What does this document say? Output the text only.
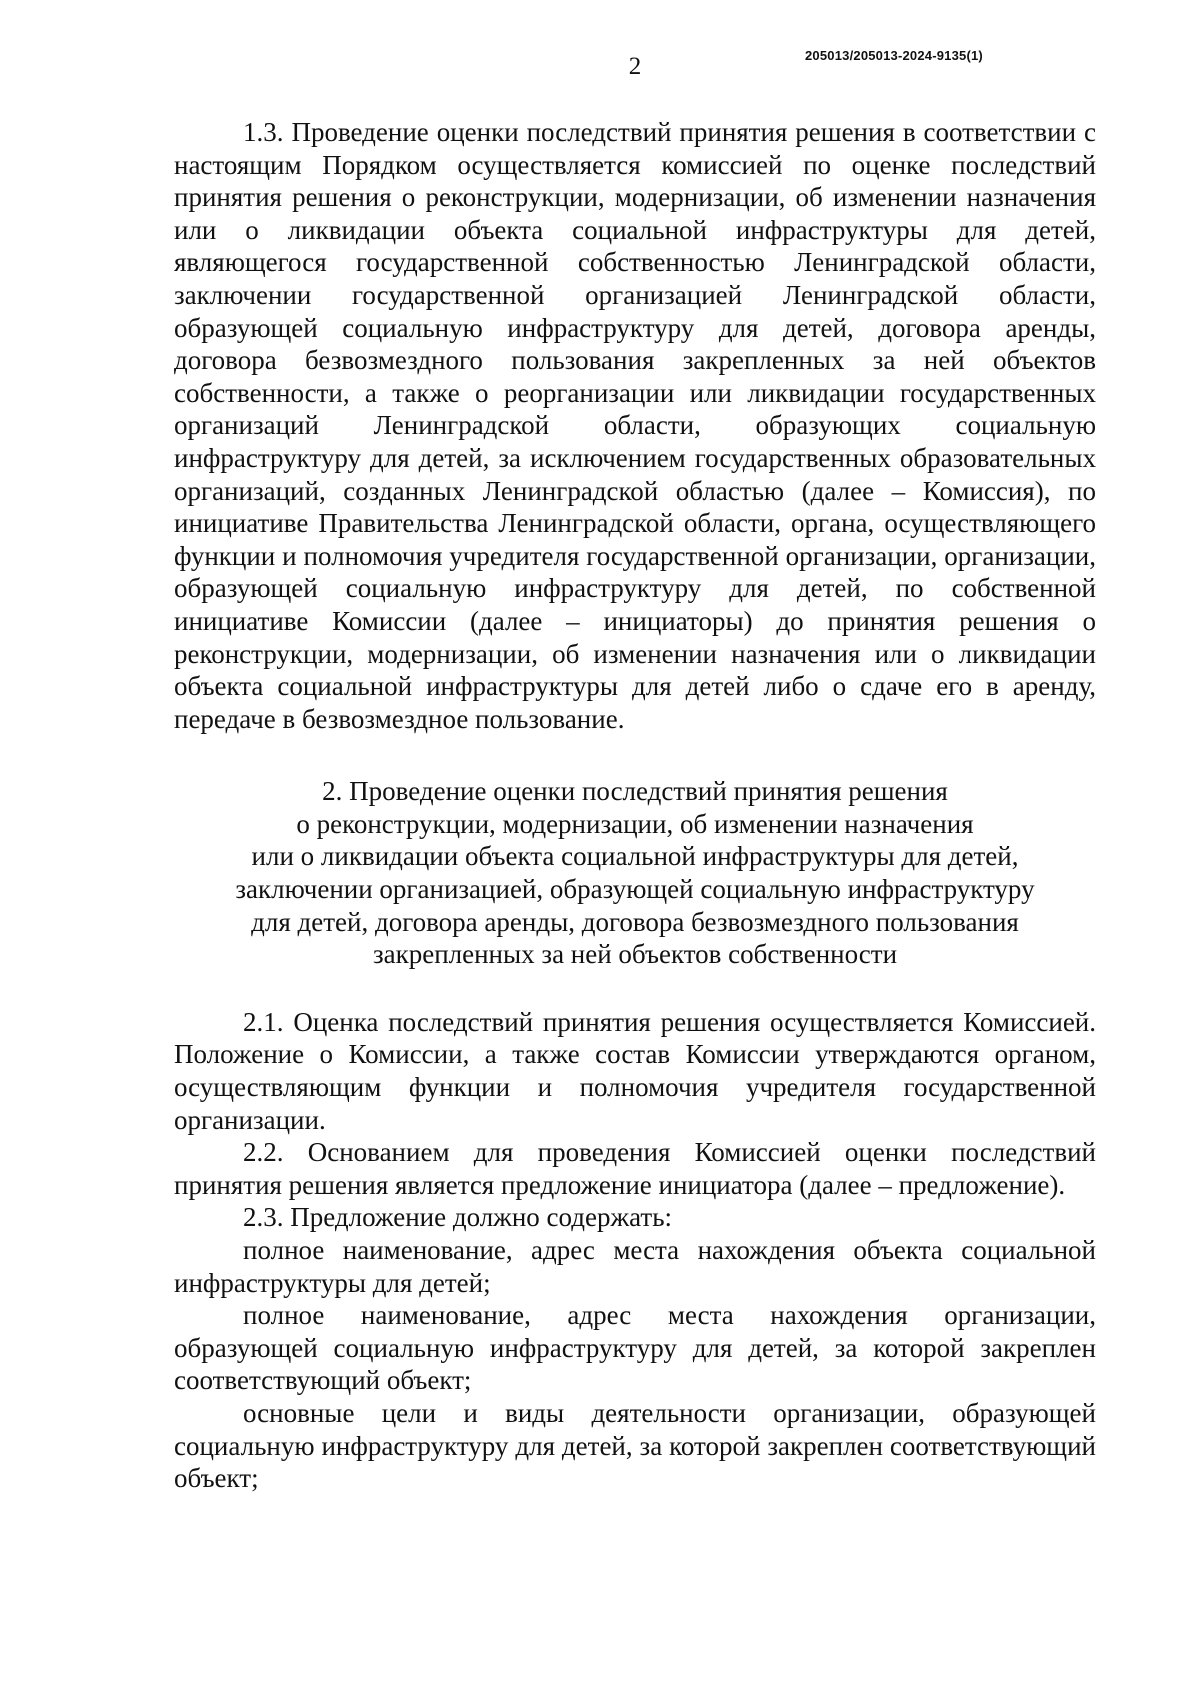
2	205013/205013-2024-9135(1)

1.3. Проведение оценки последствий принятия решения в соответствии с настоящим Порядком осуществляется комиссией по оценке последствий принятия решения о реконструкции, модернизации, об изменении назначения или о ликвидации объекта социальной инфраструктуры для детей, являющегося государственной собственностью Ленинградской области, заключении государственной организацией Ленинградской области, образующей социальную инфраструктуру для детей, договора аренды, договора безвозмездного пользования закрепленных за ней объектов собственности, а также о реорганизации или ликвидации государственных организаций Ленинградской области, образующих социальную инфраструктуру для детей, за исключением государственных образовательных организаций, созданных Ленинградской областью (далее – Комиссия), по инициативе Правительства Ленинградской области, органа, осуществляющего функции и полномочия учредителя государственной организации, организации, образующей социальную инфраструктуру для детей, по собственной инициативе Комиссии (далее – инициаторы) до принятия решения о реконструкции, модернизации, об изменении назначения или о ликвидации объекта социальной инфраструктуры для детей либо о сдаче его в аренду, передаче в безвозмездное пользование.

2. Проведение оценки последствий принятия решения
о реконструкции, модернизации, об изменении назначения
или о ликвидации объекта социальной инфраструктуры для детей,
заключении организацией, образующей социальную инфраструктуру
для детей, договора аренды, договора безвозмездного пользования
закрепленных за ней объектов собственности

2.1. Оценка последствий принятия решения осуществляется Комиссией. Положение о Комиссии, а также состав Комиссии утверждаются органом, осуществляющим функции и полномочия учредителя государственной организации.

2.2. Основанием для проведения Комиссией оценки последствий принятия решения является предложение инициатора (далее – предложение).

2.3. Предложение должно содержать:

полное наименование, адрес места нахождения объекта социальной инфраструктуры для детей;

полное наименование, адрес места нахождения организации, образующей социальную инфраструктуру для детей, за которой закреплен соответствующий объект;

основные цели и виды деятельности организации, образующей социальную инфраструктуру для детей, за которой закреплен соответствующий объект;
